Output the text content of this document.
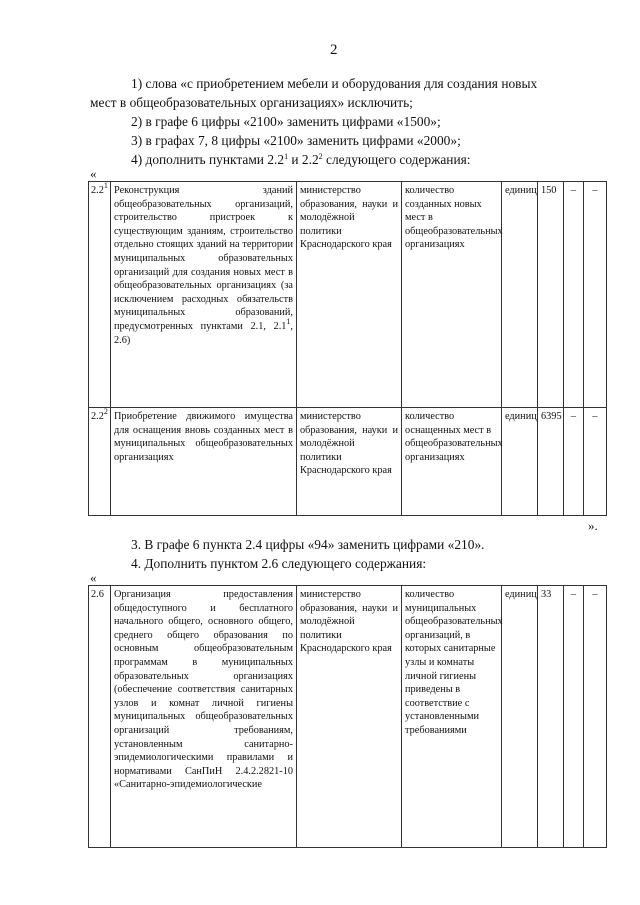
2
1) слова «с приобретением мебели и оборудования для создания новых
мест в общеобразовательных организациях» исключить;
2) в графе 6 цифры «2100» заменить цифрами «1500»;
3) в графах 7, 8 цифры «2100» заменить цифрами «2000»;
4) дополнить пунктами $2.2^1$ и $2.2^2$ следующего содержания:
«
$2.2^1$	Реконструкция зданий общеобразовательных организаций, строительство пристроек к существующим зданиям, строительство отдельно стоящих зданий на территории муниципальных образовательных организаций для создания новых мест в общеобразовательных организациях (за исключением расходных обязательств муниципальных образований, предусмотренных пунктами 2.1, $2.1^1$, 2.6)	министерство образования, науки и молодёжной политики Краснодарского края	количество созданных новых мест в общеобразовательных организациях	единиц	150	–	–
$2.2^2$	Приобретение движимого имущества для оснащения вновь созданных мест в муниципальных общеобразовательных организациях	министерство образования, науки и молодёжной политики Краснодарского края	количество оснащенных мест в общеобразовательных организациях	единиц	6395	–	–
».
3. В графе 6 пункта 2.4 цифры «94» заменить цифрами «210».
4. Дополнить пунктом 2.6 следующего содержания:
«
2.6	Организация предоставления общедоступного и бесплатного начального общего, основного общего, среднего общего образования по основным общеобразовательным программам в муниципальных образовательных организациях (обеспечение соответствия санитарных узлов и комнат личной гигиены муниципальных общеобразовательных организаций требованиям, установленным санитарно-эпидемиологическими правилами и нормативами СанПиН 2.4.2.2821-10 «Санитарно-эпидемиологические	министерство образования, науки и молодёжной политики Краснодарского края	количество муниципальных общеобразовательных организаций, в которых санитарные узлы и комнаты личной гигиены приведены в соответствие с установленными требованиями	единиц	33	–	–
